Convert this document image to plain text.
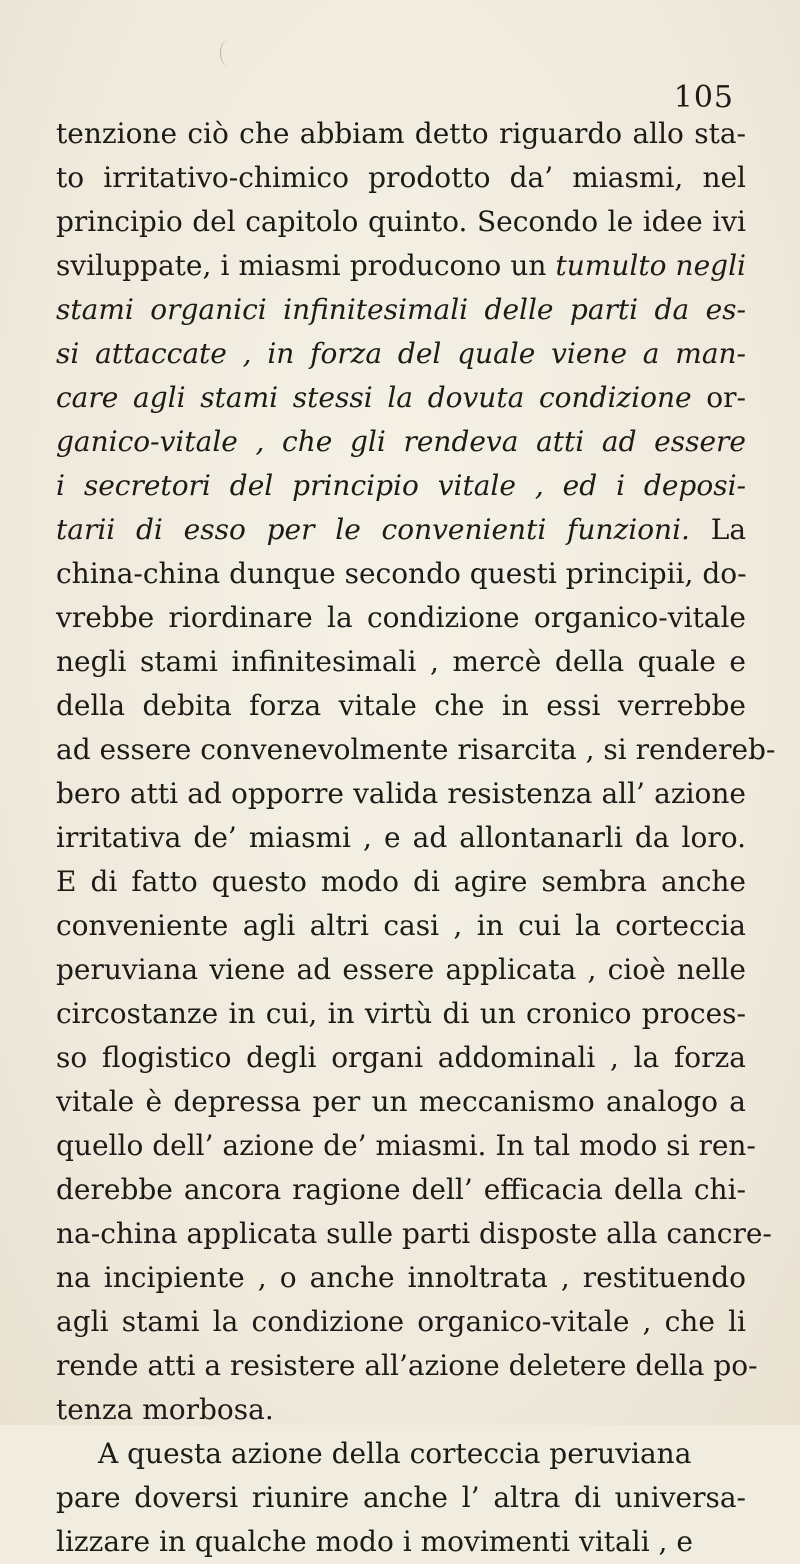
105
tenzione ciò che abbiam detto riguardo allo sta-
to irritativo-chimico prodotto da’ miasmi, nel
principio del capitolo quinto. Secondo le idee ivi
sviluppate, i miasmi producono un tumulto negli
stami organici infinitesimali delle parti da es-
si attaccate , in forza del quale viene a man-
care agli stami stessi la dovuta condizione or-
ganico-vitale , che gli rendeva atti ad essere
i secretori del principio vitale , ed i deposi-
tarii di esso per le convenienti funzioni. La
china-china dunque secondo questi principii, do-
vrebbe riordinare la condizione organico-vitale
negli stami infinitesimali , mercè della quale e
della debita forza vitale che in essi verrebbe
ad essere convenevolmente risarcita , si rendereb-
bero atti ad opporre valida resistenza all’ azione
irritativa de’ miasmi , e ad allontanarli da loro.
E di fatto questo modo di agire sembra anche
conveniente agli altri casi , in cui la corteccia
peruviana viene ad essere applicata , cioè nelle
circostanze in cui, in virtù di un cronico proces-
so flogistico degli organi addominali , la forza
vitale è depressa per un meccanismo analogo a
quello dell’ azione de’ miasmi. In tal modo si ren-
derebbe ancora ragione dell’ efficacia della chi-
na-china applicata sulle parti disposte alla cancre-
na incipiente , o anche innoltrata , restituendo
agli stami la condizione organico-vitale , che li
rende atti a resistere all’azione deletere della po-
tenza morbosa.
A questa azione della corteccia peruviana
pare doversi riunire anche l’ altra di universa-
lizzare in qualche modo i movimenti vitali , e
